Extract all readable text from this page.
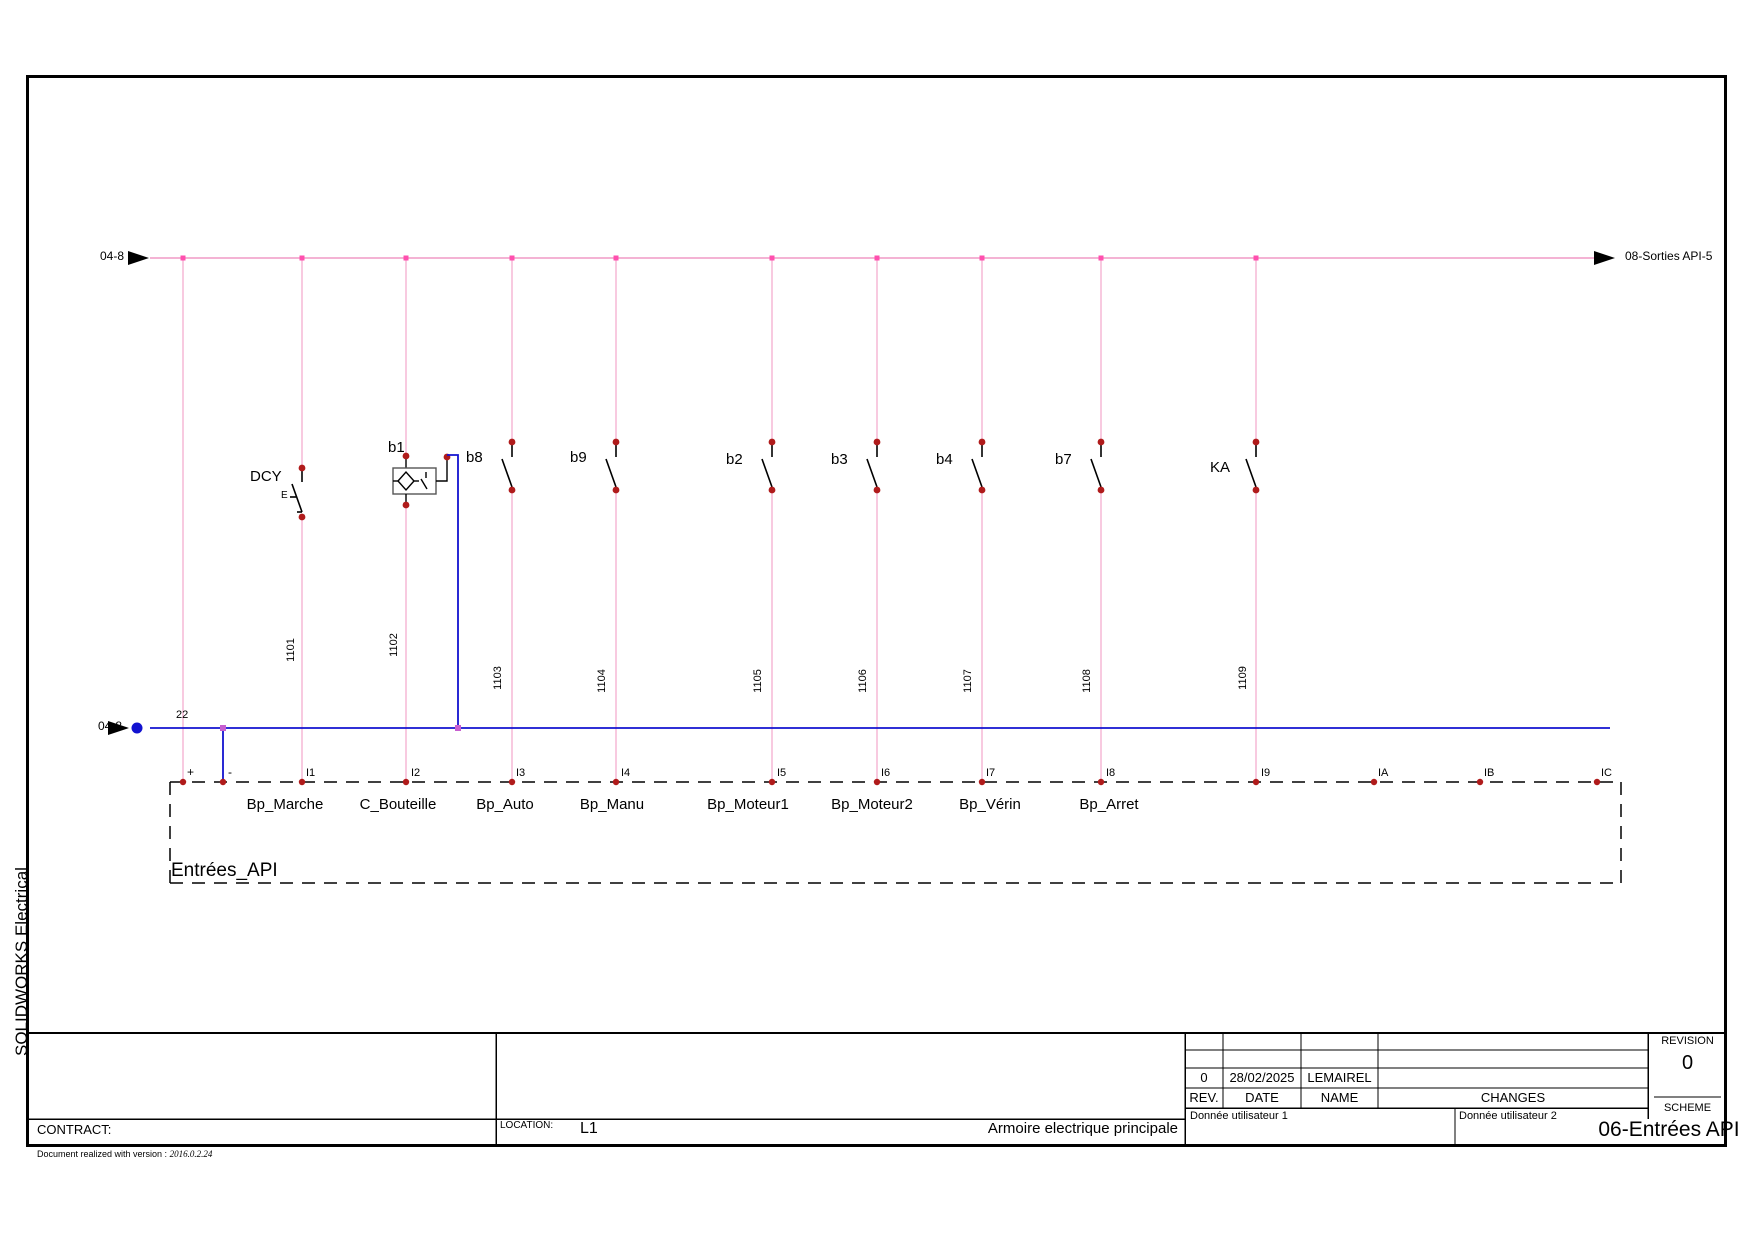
04-8	08-Sorties API-5
04-8
22
DCY
E
b1
b8	b9	b2	b3	b4	b7	KA
1101	1102
1103	1104	1105	1106	1107	1108	1109
+	-	I1	I2	I3	I4	I5	I6	I7	I8	I9	IA	IB	IC
Bp_Marche	C_Bouteille	Bp_Auto	Bp_Manu	Bp_Moteur1	Bp_Moteur2	Bp_Vérin	Bp_Arret
Entrées_API
CONTRACT:	LOCATION: L1	Armoire electrique principale
REV.	DATE	NAME	CHANGES
0	28/02/2025 LEMAIREL
Donnée utilisateur 1	Donnée utilisateur 2
REVISION
0
SCHEME
06-Entrées API
SOLIDWORKS Electrical
Document realized with version : 2016.0.2.24
